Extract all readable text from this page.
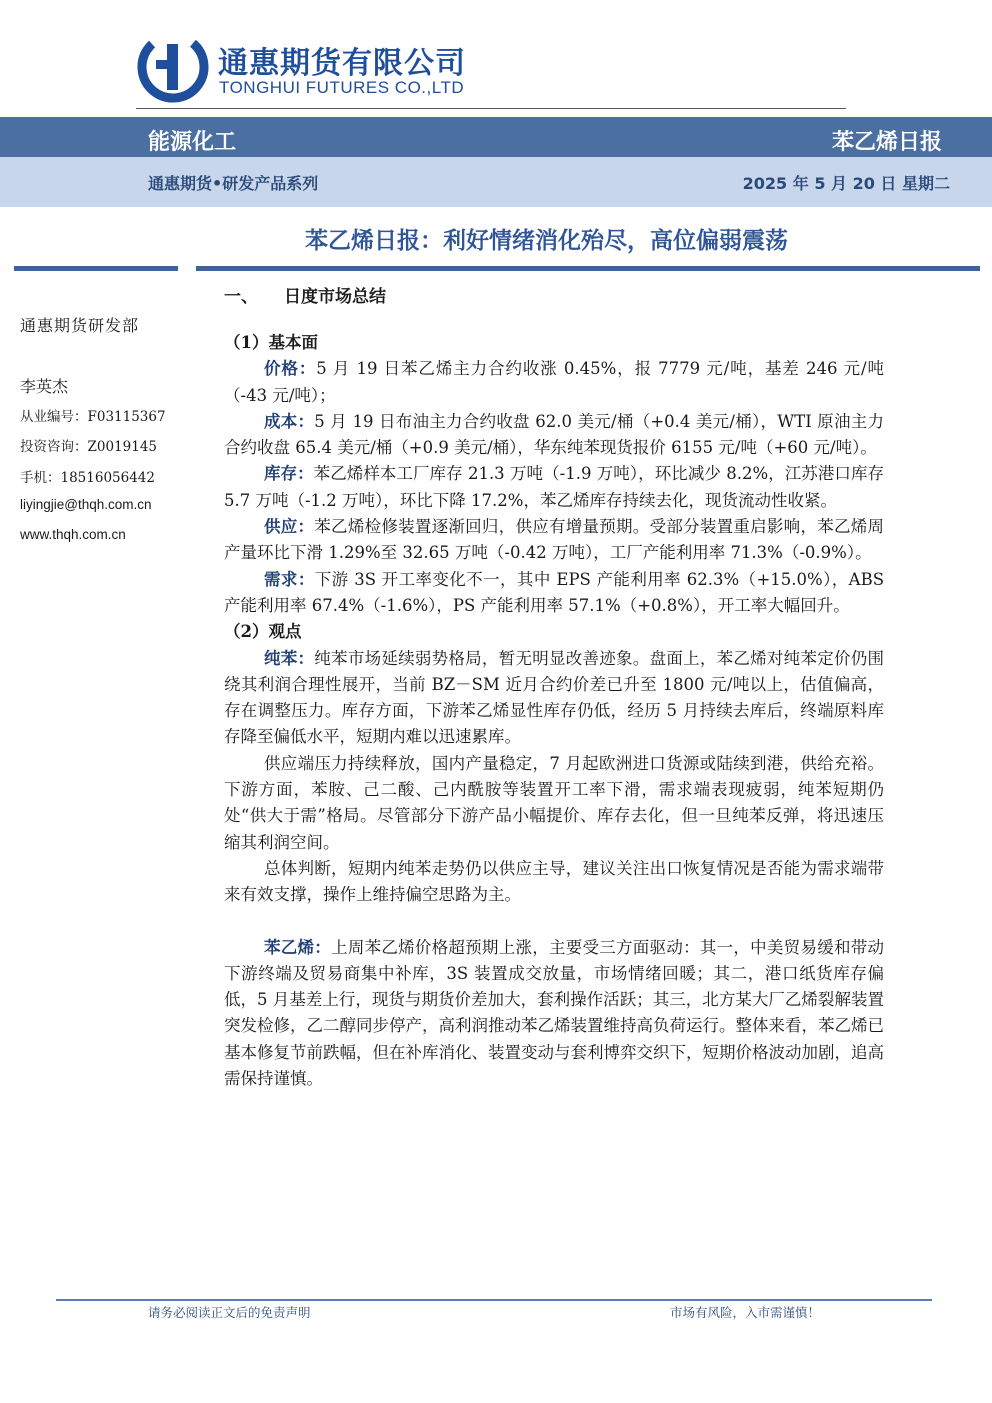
通惠期货有限公司
TONGHUI FUTURES CO.,LTD
能源化工	苯乙烯日报
通惠期货•研发产品系列	2025 年 5 月 20 日 星期二
苯乙烯日报：利好情绪消化殆尽，高位偏弱震荡
通惠期货研发部
李英杰
从业编号：F03115367
投资咨询：Z0019145
手机：18516056442
liyingjie@thqh.com.cn
www.thqh.com.cn
一、 日度市场总结

（1）基本面

价格：5 月 19 日苯乙烯主力合约收涨 0.45%，报 7779 元/吨，基差 246 元/吨（-43 元/吨）；

成本：5 月 19 日布油主力合约收盘 62.0 美元/桶（+0.4 美元/桶），WTI 原油主力合约收盘 65.4 美元/桶（+0.9 美元/桶），华东纯苯现货报价 6155 元/吨（+60 元/吨）。

库存：苯乙烯样本工厂库存 21.3 万吨（-1.9 万吨），环比减少 8.2%，江苏港口库存 5.7 万吨（-1.2 万吨），环比下降 17.2%，苯乙烯库存持续去化，现货流动性收紧。

供应：苯乙烯检修装置逐渐回归，供应有增量预期。受部分装置重启影响，苯乙烯周产量环比下滑 1.29%至 32.65 万吨（-0.42 万吨），工厂产能利用率 71.3%（-0.9%）。

需求：下游 3S 开工率变化不一，其中 EPS 产能利用率 62.3%（+15.0%），ABS 产能利用率 67.4%（-1.6%），PS 产能利用率 57.1%（+0.8%），开工率大幅回升。

（2）观点

纯苯：纯苯市场延续弱势格局，暂无明显改善迹象。盘面上，苯乙烯对纯苯定价仍围绕其利润合理性展开，当前 BZ－SM 近月合约价差已升至 1800 元/吨以上，估值偏高，存在调整压力。库存方面，下游苯乙烯显性库存仍低，经历 5 月持续去库后，终端原料库存降至偏低水平，短期内难以迅速累库。

供应端压力持续释放，国内产量稳定，7 月起欧洲进口货源或陆续到港，供给充裕。下游方面，苯胺、己二酸、己内酰胺等装置开工率下滑，需求端表现疲弱，纯苯短期仍处“供大于需”格局。尽管部分下游产品小幅提价、库存去化，但一旦纯苯反弹，将迅速压缩其利润空间。

总体判断，短期内纯苯走势仍以供应主导，建议关注出口恢复情况是否能为需求端带来有效支撑，操作上维持偏空思路为主。

苯乙烯：上周苯乙烯价格超预期上涨，主要受三方面驱动：其一，中美贸易缓和带动下游终端及贸易商集中补库，3S 装置成交放量，市场情绪回暖；其二，港口纸货库存偏低，5 月基差上行，现货与期货价差加大，套利操作活跃；其三，北方某大厂乙烯裂解装置突发检修，乙二醇同步停产，高利润推动苯乙烯装置维持高负荷运行。整体来看，苯乙烯已基本修复节前跌幅，但在补库消化、装置变动与套利博弈交织下，短期价格波动加剧，追高需保持谨慎。

请务必阅读正文后的免责声明	市场有风险，入市需谨慎！
